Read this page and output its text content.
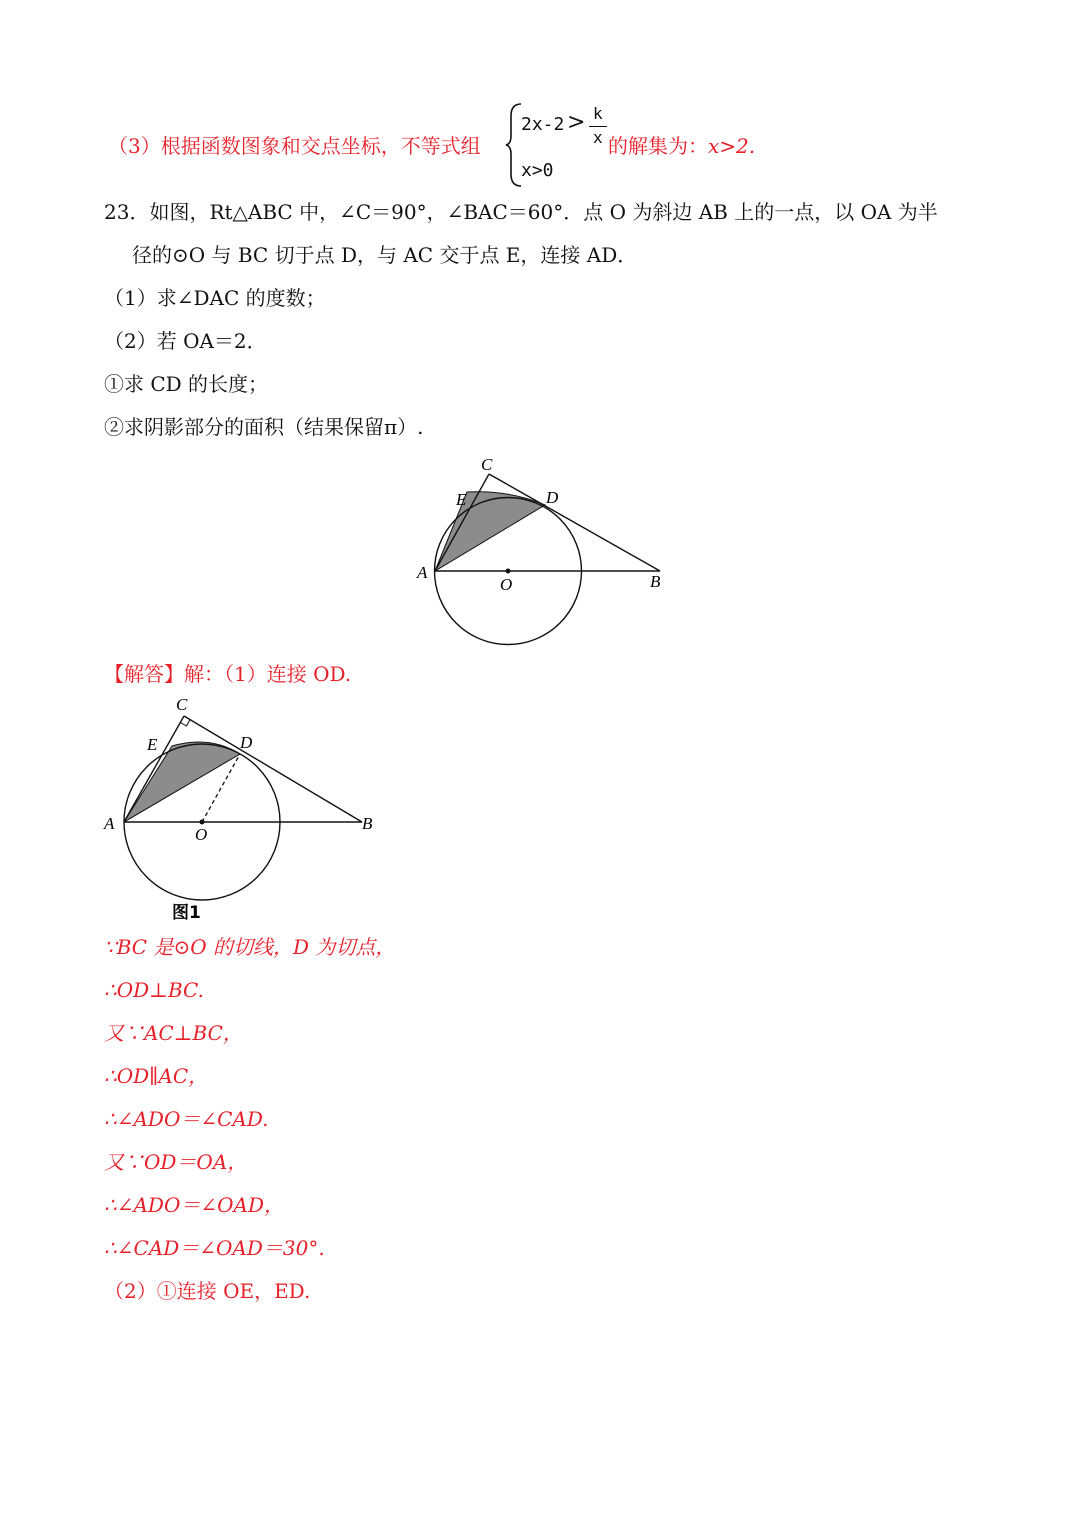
（3）根据函数图象和交点坐标，不等式组
2x-2 > k
x
x>0
的解集为：x>2.
23．如图，Rt△ABC 中，∠C＝90°，∠BAC＝60°．点 O 为斜边 AB 上的一点，以 OA 为半
径的⊙O 与 BC 切于点 D，与 AC 交于点 E，连接 AD．
（1）求∠DAC 的度数；
（2）若 OA＝2．
①求 CD 的长度；
②求阴影部分的面积（结果保留π）.
C
E	D
A
O	B
【解答】解：（1）连接 OD.
C
E	D
A
O
B
图1
∵BC 是⊙O 的切线，D 为切点，
∴OD⊥BC.
又∵AC⊥BC，
∴OD∥AC，
∴∠ADO＝∠CAD.
又∵OD＝OA，
∴∠ADO＝∠OAD，
∴∠CAD＝∠OAD＝30°.
（2）①连接 OE，ED.
